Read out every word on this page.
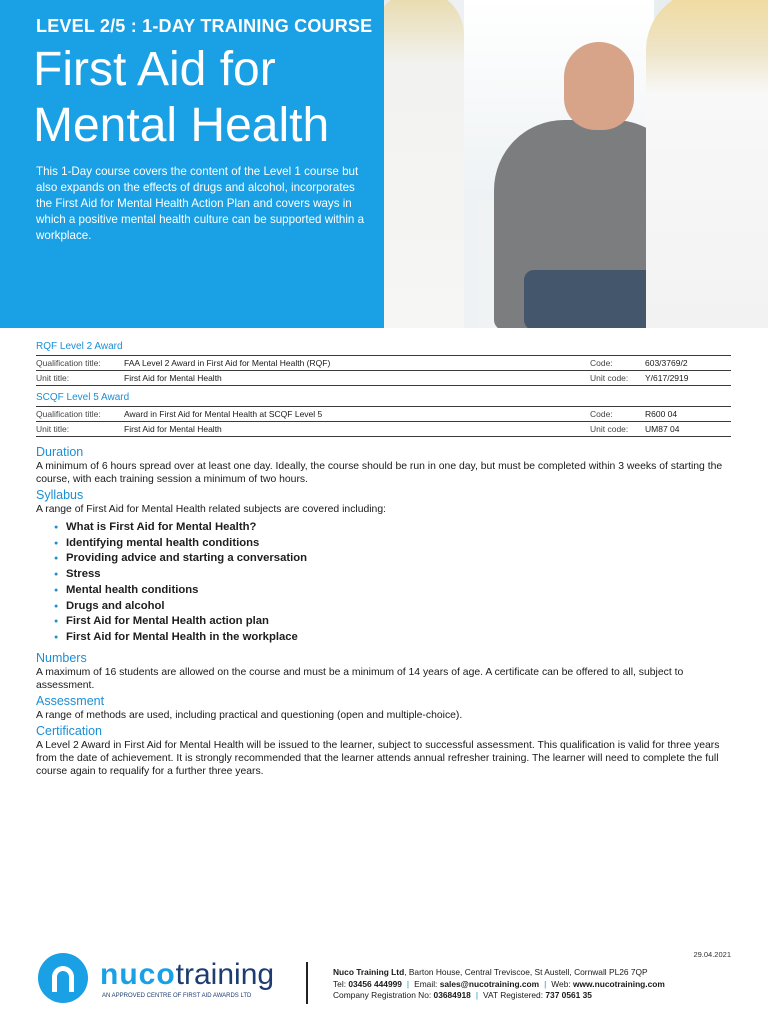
LEVEL 2/5 : 1-DAY TRAINING COURSE
First Aid for
Mental Health

This 1-Day course covers the content of the Level 1 course but also expands on the effects of drugs and alcohol, incorporates the First Aid for Mental Health Action Plan and covers ways in which a positive mental health culture can be supported within a workplace.

RQF Level 2 Award
Qualification title:	FAA Level 2 Award in First Aid for Mental Health (RQF)	Code:	603/3769/2
Unit title:	First Aid for Mental Health	Unit code:	Y/617/2919
SCQF Level 5 Award
Qualification title:	Award in First Aid for Mental Health at SCQF Level 5	Code:	R600 04
Unit title:	First Aid for Mental Health	Unit code:	UM87 04
Duration

A minimum of 6 hours spread over at least one day. Ideally, the course should be run in one day, but must be completed within 3 weeks of starting the course, with each training session a minimum of two hours.

Syllabus

A range of First Aid for Mental Health related subjects are covered including:

● What is First Aid for Mental Health?
● Identifying mental health conditions
● Providing advice and starting a conversation
● Stress
● Mental health conditions
● Drugs and alcohol
● First Aid for Mental Health action plan
● First Aid for Mental Health in the workplace
Numbers

A maximum of 16 students are allowed on the course and must be a minimum of 14 years of age. A certificate can be offered to all, subject to assessment.

Assessment

A range of methods are used, including practical and questioning (open and multiple-choice).

Certification

A Level 2 Award in First Aid for Mental Health will be issued to the learner, subject to successful assessment. This qualification is valid for three years from the date of achievement. It is strongly recommended that the learner attends annual refresher training. The learner will need to complete the full course again to requalify for a further three years.

29.04.2021
nucotraining
AN APPROVED CENTRE OF FIRST AID AWARDS LTD
Nuco Training Ltd, Barton House, Central Treviscoe, St Austell, Cornwall PL26 7QP
Tel: 03456 444999 | Email: sales@nucotraining.com | Web: www.nucotraining.com
Company Registration No: 03684918 | VAT Registered: 737 0561 35
